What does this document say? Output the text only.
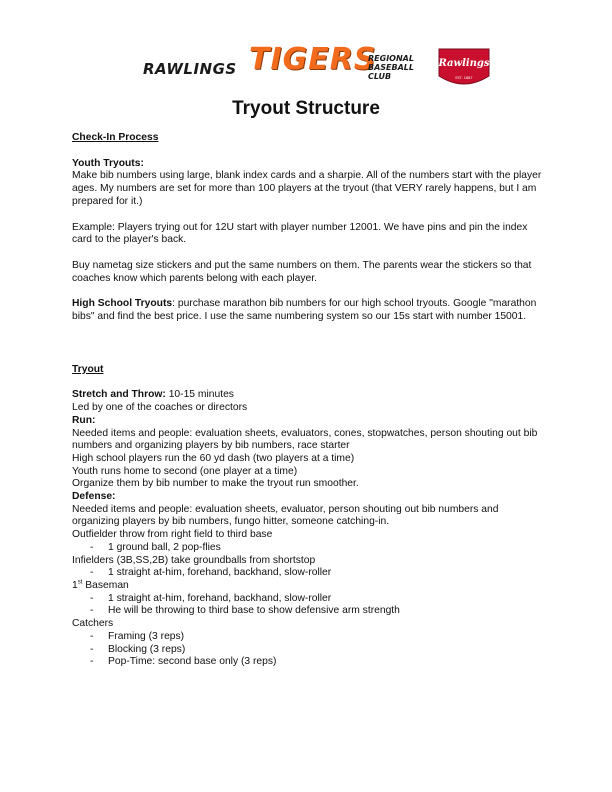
RAWLINGS TIGERS
REGIONAL
BASEBALL
CLUB
Rawlings
EST. 1887
Tryout Structure

Check-In Process

Youth Tryouts:

Make bib numbers using large, blank index cards and a sharpie. All of the numbers start with the player ages. My numbers are set for more than 100 players at the tryout (that VERY rarely happens, but I am prepared for it.)

Example: Players trying out for 12U start with player number 12001. We have pins and pin the index card to the player's back.

Buy nametag size stickers and put the same numbers on them. The parents wear the stickers so that coaches know which parents belong with each player.

High School Tryouts: purchase marathon bib numbers for our high school tryouts. Google "marathon bibs" and find the best price. I use the same numbering system so our 15s start with number 15001.

Tryout

Stretch and Throw: 10-15 minutes

Led by one of the coaches or directors

Run:

Needed items and people: evaluation sheets, evaluators, cones, stopwatches, person shouting out bib numbers and organizing players by bib numbers, race starter

High school players run the 60 yd dash (two players at a time)

Youth runs home to second (one player at a time)

Organize them by bib number to make the tryout run smoother.

Defense:

Needed items and people: evaluation sheets, evaluator, person shouting out bib numbers and organizing players by bib numbers, fungo hitter, someone catching-in.

Outfielder throw from right field to third base

- 1 ground ball, 2 pop-flies

Infielders (3B,SS,2B) take groundballs from shortstop

- 1 straight at-him, forehand, backhand, slow-roller

1st Baseman

- 1 straight at-him, forehand, backhand, slow-roller
- He will be throwing to third base to show defensive arm strength

Catchers

- Framing (3 reps)
- Blocking (3 reps)
- Pop-Time: second base only (3 reps)
